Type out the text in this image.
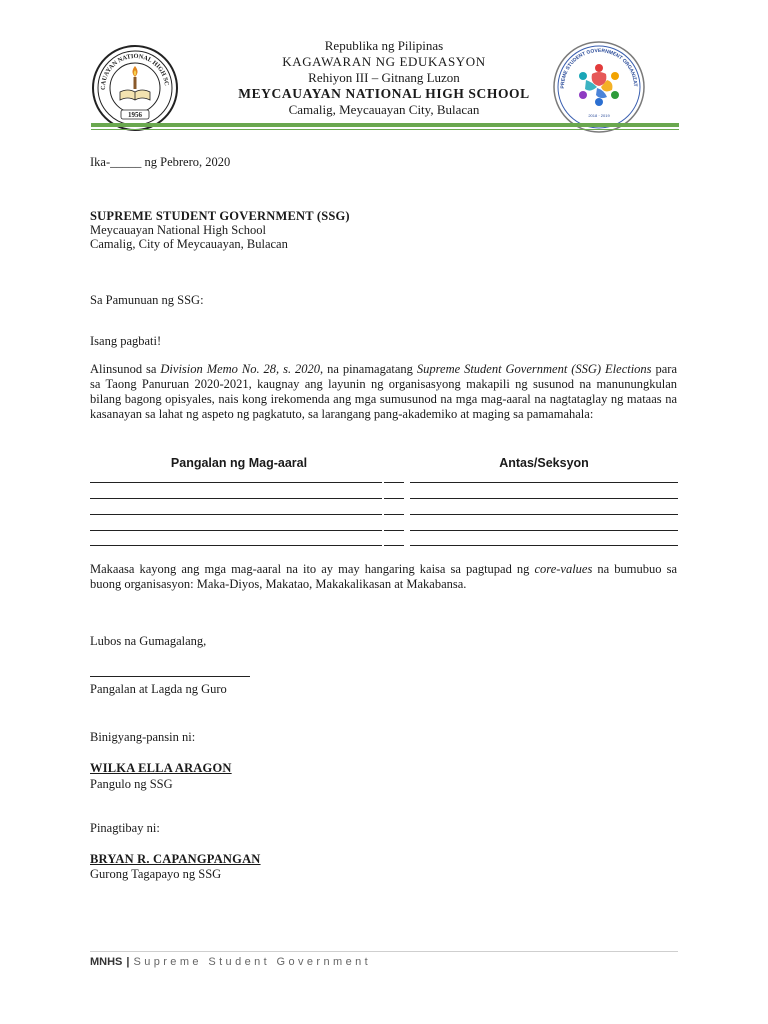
CAUAYAN NATIONAL HIGH SC
1956
Republika ng Pilipinas
KAGAWARAN NG EDUKASYON
Rehiyon III – Gitnang Luzon
MEYCAUAYAN NATIONAL HIGH SCHOOL
Camalig, Meycauayan City, Bulacan
PREME STUDENT GOVERNMENT ORGANIZAT
2018 · 2019
Ika-_____ ng Pebrero, 2020
SUPREME STUDENT GOVERNMENT (SSG)
Meycauayan National High School
Camalig, City of Meycauayan, Bulacan
Sa Pamunuan ng SSG:
Isang pagbati!
Alinsunod sa Division Memo No. 28, s. 2020, na pinamagatang Supreme Student Government (SSG) Elections para sa Taong Panuruan 2020-2021, kaugnay ang layunin ng organisasyong makapili ng susunod na manunungkulan bilang bagong opisyales, nais kong irekomenda ang mga sumusunod na mga mag-aaral na nagtataglay ng mataas na kasanayan sa lahat ng aspeto ng pagkatuto, sa larangang pang-akademiko at maging sa pamamahala:
Pangalan ng Mag-aaral	Antas/Seksyon
Makaasa kayong ang mga mag-aaral na ito ay may hangaring kaisa sa pagtupad ng core-values na bumubuo sa buong organisasyon: Maka-Diyos, Makatao, Makakalikasan at Makabansa.
Lubos na Gumagalang,
Pangalan at Lagda ng Guro
Binigyang-pansin ni:
WILKA ELLA ARAGON
Pangulo ng SSG
Pinagtibay ni:
BRYAN R. CAPANGPANGAN
Gurong Tagapayo ng SSG
MNHS | Supreme Student Government
